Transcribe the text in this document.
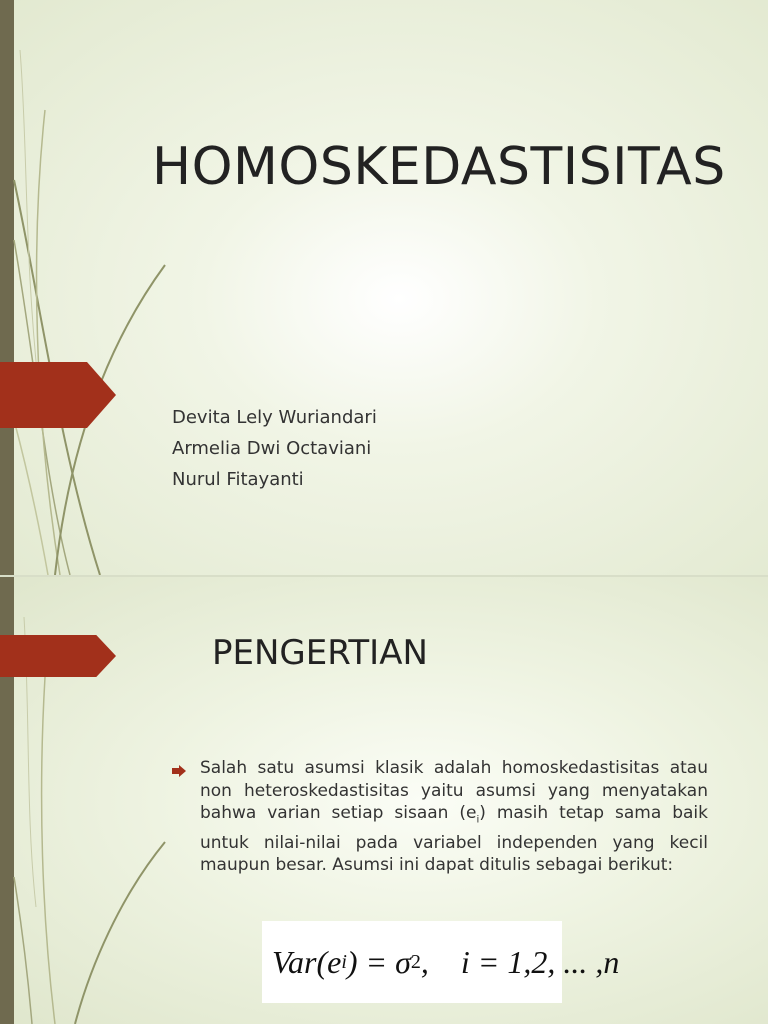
HOMOSKEDASTISITAS
Devita Lely Wuriandari
Armelia Dwi Octaviani
Nurul Fitayanti
PENGERTIAN
Salah satu asumsi klasik adalah homoskedastisitas atau non heteroskedastisitas yaitu asumsi yang menyatakan bahwa varian setiap sisaan $(e_i)$ masih tetap sama baik untuk nilai-nilai pada variabel independen yang kecil maupun besar. Asumsi ini dapat ditulis sebagai berikut:
Var(e i ) = σ 2 ,    i = 1,2, ... ,n
